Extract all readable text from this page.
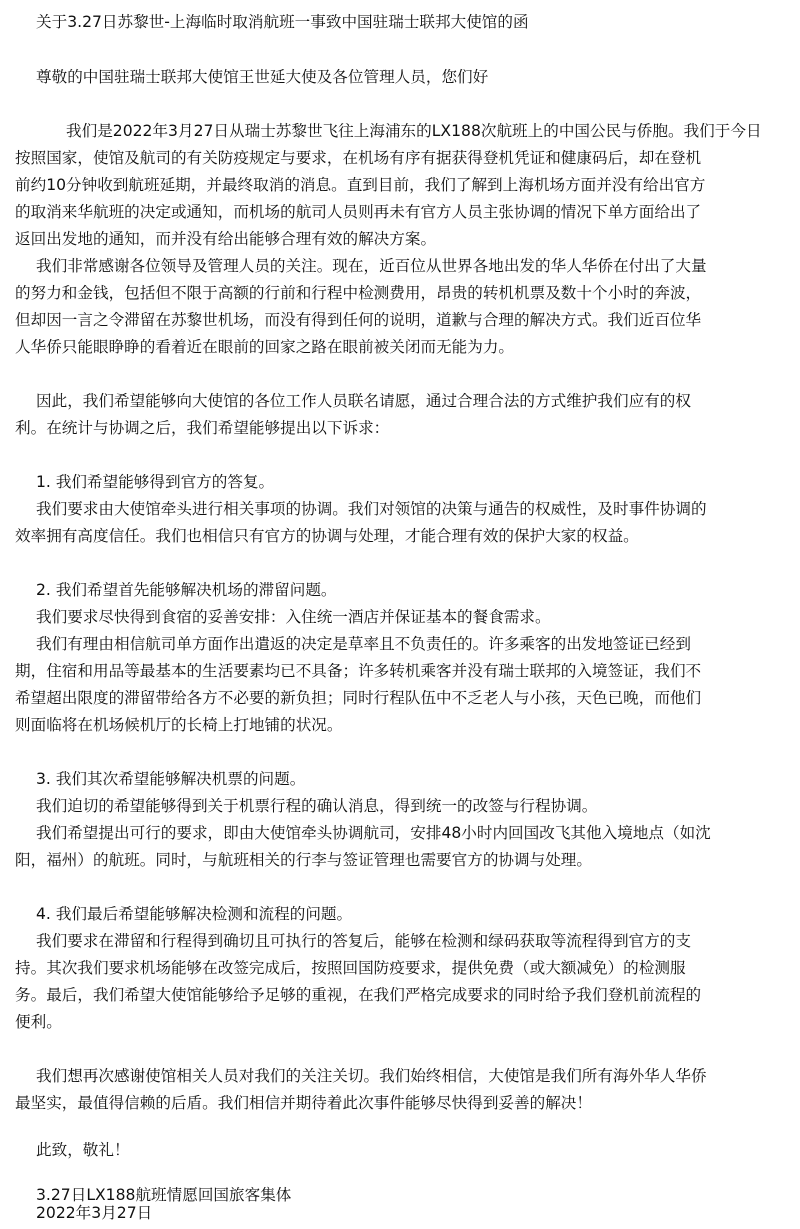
关于3.27日苏黎世-上海临时取消航班一事致中国驻瑞士联邦大使馆的函

尊敬的中国驻瑞士联邦大使馆王世延大使及各位管理人员，您们好

我们是2022年3月27日从瑞士苏黎世飞往上海浦东的LX188次航班上的中国公民与侨胞。我们于今日

按照国家，使馆及航司的有关防疫规定与要求，在机场有序有据获得登机凭证和健康码后，却在登机

前约10分钟收到航班延期，并最终取消的消息。直到目前，我们了解到上海机场方面并没有给出官方

的取消来华航班的决定或通知，而机场的航司人员则再未有官方人员主张协调的情况下单方面给出了

返回出发地的通知，而并没有给出能够合理有效的解决方案。

我们非常感谢各位领导及管理人员的关注。现在，近百位从世界各地出发的华人华侨在付出了大量

的努力和金钱，包括但不限于高额的行前和行程中检测费用，昂贵的转机机票及数十个小时的奔波，

但却因一言之令滞留在苏黎世机场，而没有得到任何的说明，道歉与合理的解决方式。我们近百位华

人华侨只能眼睁睁的看着近在眼前的回家之路在眼前被关闭而无能为力。

因此，我们希望能够向大使馆的各位工作人员联名请愿，通过合理合法的方式维护我们应有的权

利。在统计与协调之后，我们希望能够提出以下诉求：

1. 我们希望能够得到官方的答复。

我们要求由大使馆牵头进行相关事项的协调。我们对领馆的决策与通告的权威性，及时事件协调的

效率拥有高度信任。我们也相信只有官方的协调与处理，才能合理有效的保护大家的权益。

2. 我们希望首先能够解决机场的滞留问题。

我们要求尽快得到食宿的妥善安排：入住统一酒店并保证基本的餐食需求。

我们有理由相信航司单方面作出遣返的决定是草率且不负责任的。许多乘客的出发地签证已经到

期，住宿和用品等最基本的生活要素均已不具备；许多转机乘客并没有瑞士联邦的入境签证，我们不

希望超出限度的滞留带给各方不必要的新负担；同时行程队伍中不乏老人与小孩，天色已晚，而他们

则面临将在机场候机厅的长椅上打地铺的状况。

3. 我们其次希望能够解决机票的问题。

我们迫切的希望能够得到关于机票行程的确认消息，得到统一的改签与行程协调。

我们希望提出可行的要求，即由大使馆牵头协调航司，安排48小时内回国改飞其他入境地点（如沈

阳，福州）的航班。同时，与航班相关的行李与签证管理也需要官方的协调与处理。

4. 我们最后希望能够解决检测和流程的问题。

我们要求在滞留和行程得到确切且可执行的答复后，能够在检测和绿码获取等流程得到官方的支

持。其次我们要求机场能够在改签完成后，按照回国防疫要求，提供免费（或大额减免）的检测服

务。最后，我们希望大使馆能够给予足够的重视，在我们严格完成要求的同时给予我们登机前流程的

便利。

我们想再次感谢使馆相关人员对我们的关注关切。我们始终相信，大使馆是我们所有海外华人华侨

最坚实，最值得信赖的后盾。我们相信并期待着此次事件能够尽快得到妥善的解决！

此致，敬礼！

3.27日LX188航班情愿回国旅客集体

2022年3月27日
